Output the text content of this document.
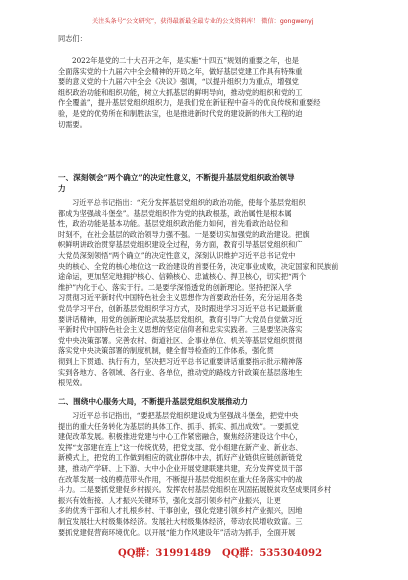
关注头条号“公文研究”，获得最新最全最专业的公文资料库！ 微信：gongwenyj
同志们：
2022年是党的二十大召开之年，是实施“十四五”规划的重要之年，也是
全面落实党的十九届六中全会精神的开局之年，做好基层党建工作具有特殊重
要的意义党的十九届六中全会《决议》强调，“以提升组织力为重点，增强党
组织政治功能和组织功能，树立大抓基层的鲜明导向，推动党的组织和党的工
作全覆盖”，提升基层党组织组织力，是我们党在新征程中奋斗的优良传统和重要经
验，是党的优势所在和制胜法宝，也是推进新时代党的建设新的伟大工程的迫
切需要。
一、深刻领会“两个确立”的决定性意义，不断提升基层党组织政治领导
力
习近平总书记指出：“充分发挥基层党组织的政治功能，使每个基层党组织
都成为坚强战斗堡垒”。基层党组织作为党的执政根基，政治属性是根本属
性，政治功能是基本功能。基层党组织政治能力如何，首先看政治站位和
时刻不，在社会基层的政治领导力强不强。一是要切实加强党的政治建设。把旗
帜鲜明讲政治贯穿基层党组织建设全过程，务方面，教育引导基层党组织和广
大党员深刻领悟“两个确立”的决定性意义，深刻认识维护习近平总书记党中
央的核心、全党的核心地位这一政治建设的首要任务，决定事业成败，决定国家和民族前
途命运，更加坚定地拥护核心、信赖核心、忠诚核心、捍卫核心，切实把“两个
维护”内化于心、落实于行。二是要学深悟透党的创新理论。坚持把深入学
习贯彻习近平新时代中国特色社会主义思想作为首要政治任务，充分运用各类
党员学习平台，创新基层党组织学习方式，及时跟进学习习近平总书记最新重
要讲话精神，用党的创新理论武装基层党组织，教育引导广大党员自觉做习近
平新时代中国特色社会主义思想的坚定信仰者和忠实实践者。三是要坚决落实
党中央决策部署。完善农村、街道社区、企事业单位、机关等基层党组织贯彻
落实党中央决策部署的制度机制，健全督导检查的工作体系，强化贯
彻到上下贯通、执行有力，坚决把习近平总书记重要讲话重要指示批示精神落
实到各地方、各领域、各行业、各单位，推动党的路线方针政策在基层落地生
根见效。
二、围绕中心服务大局，不断提升基层党组织发展推动力
习近平总书记指出，“要把基层党组织建设成为坚强战斗堡垒，把党中央
提出的重大任务转化为基层的具体工作、抓手、抓实、抓出成效”。一要抓党
建促改革发展。积极推进党建与中心工作紧密融合，聚焦经济建设这个中心，
发挥“支部建在连上”这一传统优势，把党支部、党小组建在新产业、新业态、
新模式上，把党的工作做到相应的就业群体中去，抓好产业链供应链创新链党
建，推动产学研、上下游、大中小企业开展党建联建共建，充分发挥党员干部
在改革发展一线的模范带头作用，不断提升基层党组织在重大任务落实中的战
斗力。二是要抓党建促乡村振兴。发挥农村基层党组织在巩固拓展脱贫攻坚成果同乡村
振兴有效衔接、人才振兴关键环节，强化支部引领乡村产业振兴，让更
多的优秀干部和人才扎根乡村、干事创业，强化党建引领乡村产业振兴，因地
制宜发展壮大村级集体经济。发展社大村级集体经济，带动农民增收致富。三
要抓党建促营商环境优化。以开展“能力作风建设年”活动为抓手，全面开展
QQ群：31991489 QQ群：535304092
